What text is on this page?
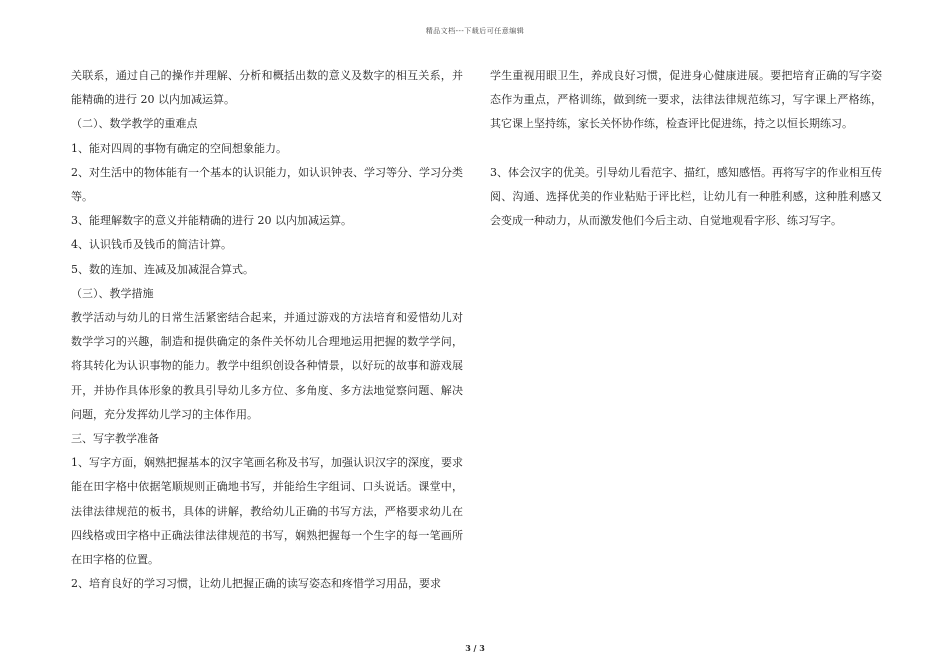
精品文档---下载后可任意编辑

关联系，通过自己的操作并理解、分析和概括出数的意义及数字的相互关系，并能精确的进行 20 以内加减运算。

（二）、数学教学的重难点

1、能对四周的事物有确定的空间想象能力。

2、对生活中的物体能有一个基本的认识能力，如认识钟表、学习等分、学习分类等。

3、能理解数字的意义并能精确的进行 20 以内加减运算。

4、认识钱币及钱币的简洁计算。

5、数的连加、连减及加减混合算式。

（三）、教学措施

教学活动与幼儿的日常生活紧密结合起来，并通过游戏的方法培育和爱惜幼儿对数学学习的兴趣，制造和提供确定的条件关怀幼儿合理地运用把握的数学学问，将其转化为认识事物的能力。教学中组织创设各种情景，以好玩的故事和游戏展开，并协作具体形象的教具引导幼儿多方位、多角度、多方法地觉察问题、解决问题，充分发挥幼儿学习的主体作用。

三、写字教学准备

1、写字方面，娴熟把握基本的汉字笔画名称及书写，加强认识汉字的深度，要求能在田字格中依据笔顺规则正确地书写，并能给生字组词、口头说话。课堂中，法律法律规范的板书，具体的讲解，教给幼儿正确的书写方法，严格要求幼儿在四线格或田字格中正确法律法律规范的书写，娴熟把握每一个生字的每一笔画所在田字格的位置。

2、培育良好的学习习惯，让幼儿把握正确的读写姿态和疼惜学习用品，要求

学生重视用眼卫生，养成良好习惯，促进身心健康进展。要把培育正确的写字姿态作为重点，严格训练，做到统一要求，法律法律规范练习，写字课上严格练，其它课上坚持练，家长关怀协作练，检查评比促进练，持之以恒长期练习。

3、体会汉字的优美。引导幼儿看范字、描红，感知感悟。再将写字的作业相互传阅、沟通、选择优美的作业粘贴于评比栏，让幼儿有一种胜利感，这种胜利感又会变成一种动力，从而激发他们今后主动、自觉地观看字形、练习写字。

3 / 3
